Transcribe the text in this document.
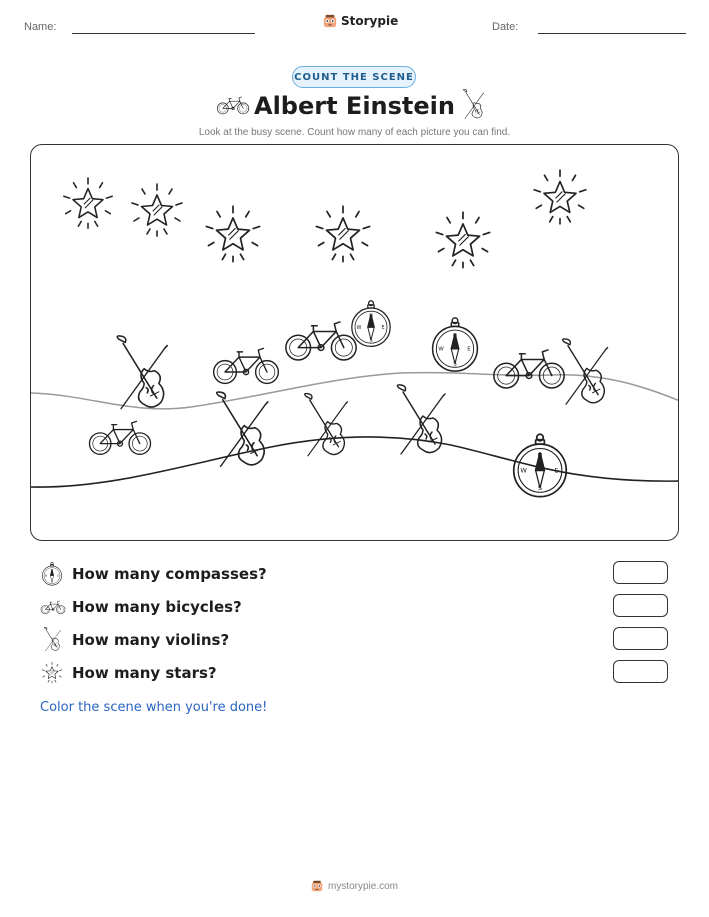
Name:	Storypie	Date:
COUNT THE SCENE
Albert Einstein
Look at the busy scene. Count how many of each picture you can find.
How many compasses?
How many bicycles?
How many violins?
How many stars?
Color the scene when you're done!
mystorypie.com
